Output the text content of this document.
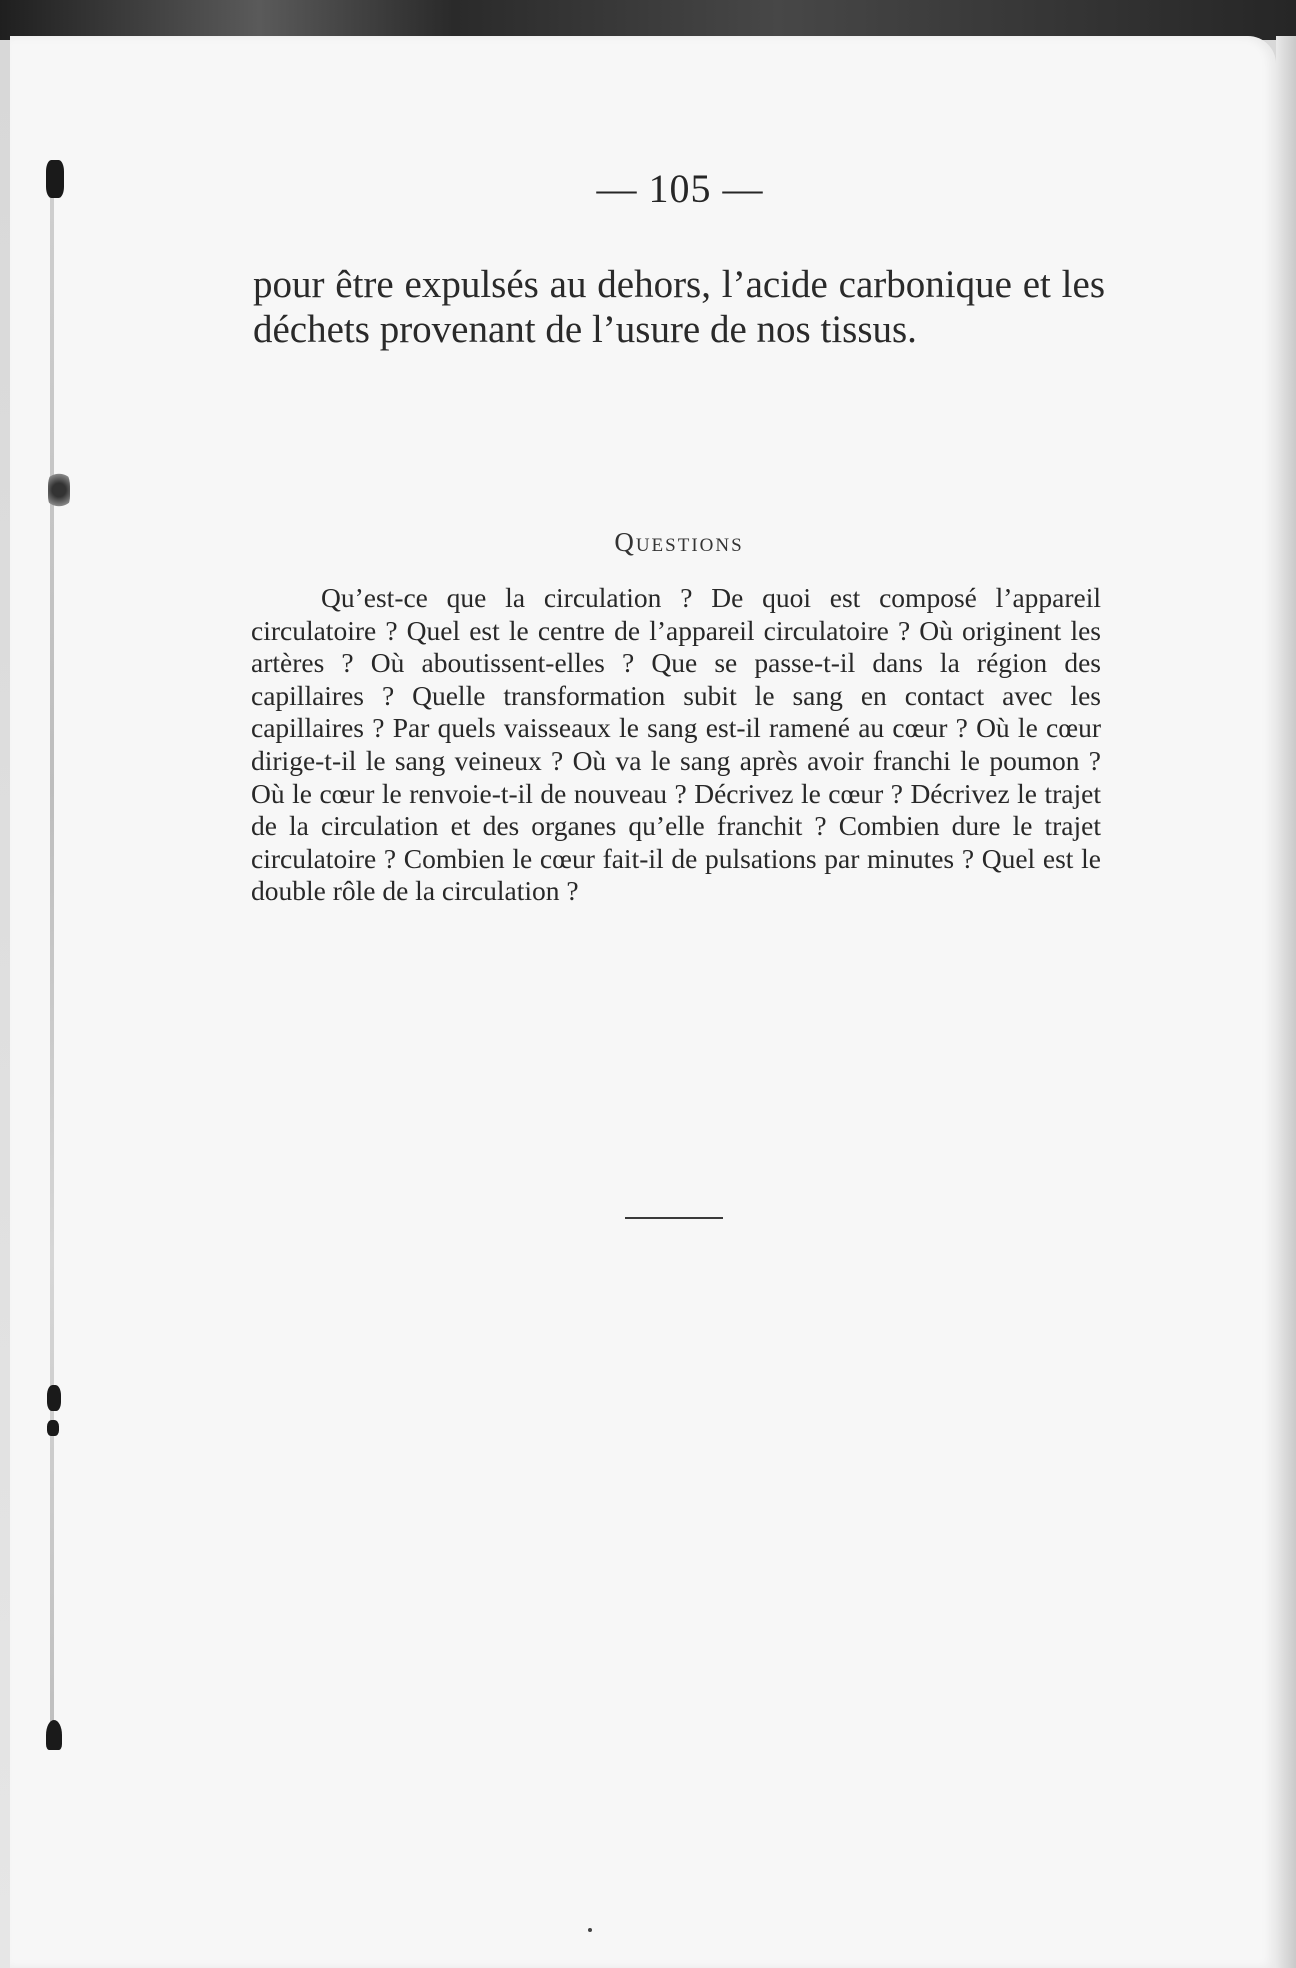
— 105 —
pour être expulsés au dehors, l’acide carbonique et les déchets provenant de l’usure de nos tissus.
Questions
Qu’est-ce que la circulation ? De quoi est composé l’appareil circulatoire ? Quel est le centre de l’appareil circulatoire ? Où originent les artères ? Où aboutissent-elles ? Que se passe-t-il dans la région des capillaires ? Quelle transformation subit le sang en contact avec les capillaires ? Par quels vaisseaux le sang est-il ramené au cœur ? Où le cœur dirige-t-il le sang veineux ? Où va le sang après avoir franchi le poumon ? Où le cœur le renvoie-t-il de nouveau ? Décrivez le cœur ? Décrivez le trajet de la circulation et des organes qu’elle franchit ? Combien dure le trajet circulatoire ? Combien le cœur fait-il de pulsations par minutes ? Quel est le double rôle de la circulation ?
